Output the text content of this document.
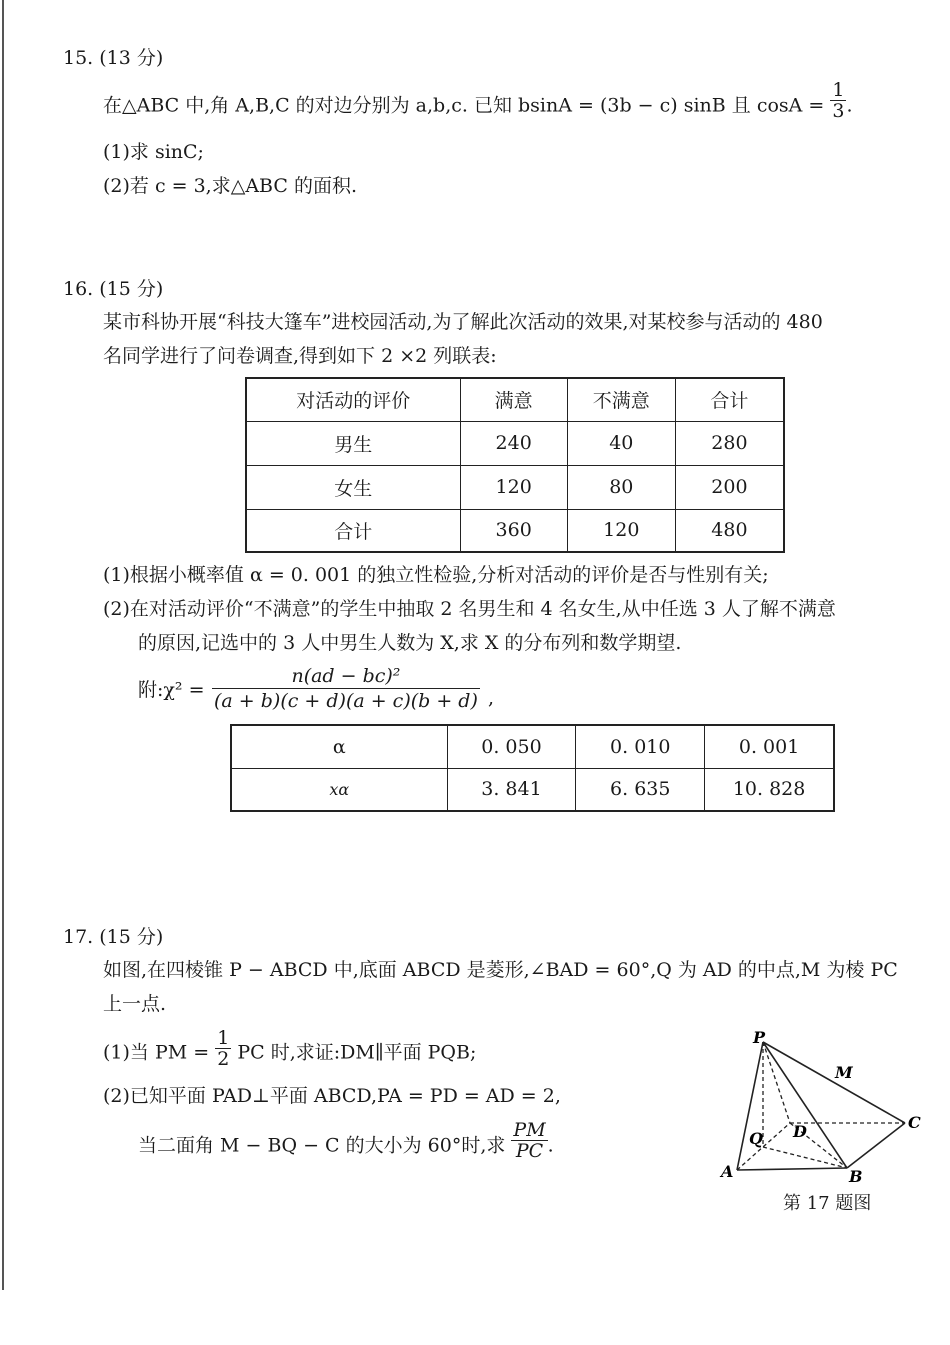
15. (13 分)
在△ABC 中,角 A,B,C 的对边分别为 a,b,c. 已知 bsinA = (3b − c) sinB 且 $\cos A = \frac{1}{3}$ .
(1)求 sinC;
(2)若 c = 3,求△ABC 的面积.
16. (15 分)
某市科协开展“科技大篷车”进校园活动,为了解此次活动的效果,对某校参与活动的 480
名同学进行了问卷调查,得到如下 2 ×2 列联表:
对活动的评价	满意	不满意	合计
男生	240	40	280
女生	120	80	200
合计	360	120	480
(1)根据小概率值 α = 0. 001 的独立性检验,分析对活动的评价是否与性别有关;
(2)在对活动评价“不满意”的学生中抽取 2 名男生和 4 名女生,从中任选 3 人了解不满意
的原因,记选中的 3 人中男生人数为 X,求 X 的分布列和数学期望.
附:χ² = $\frac{\text{n(ad − bc)²}}{(a + b)(c + d)(a + c)(b + d)}$ ,
α	0. 050	0. 010	0. 001
xα	3. 841	6. 635	10. 828
17. (15 分)
如图,在四棱锥 P − ABCD 中,底面 ABCD 是菱形,∠BAD = 60°,Q 为 AD 的中点,M 为棱 PC
上一点.
(1)当 PM = $\frac{1}{2}$ PC 时,求证:DM∥平面 PQB;
(2)已知平面 PAD⊥平面 ABCD,PA = PD = AD = 2,
当二面角 M − BQ − C 的大小为 60°时,求 $\frac{PM}{PC}$ .
P
M
C
D
Q
A	B
第 17 题图
